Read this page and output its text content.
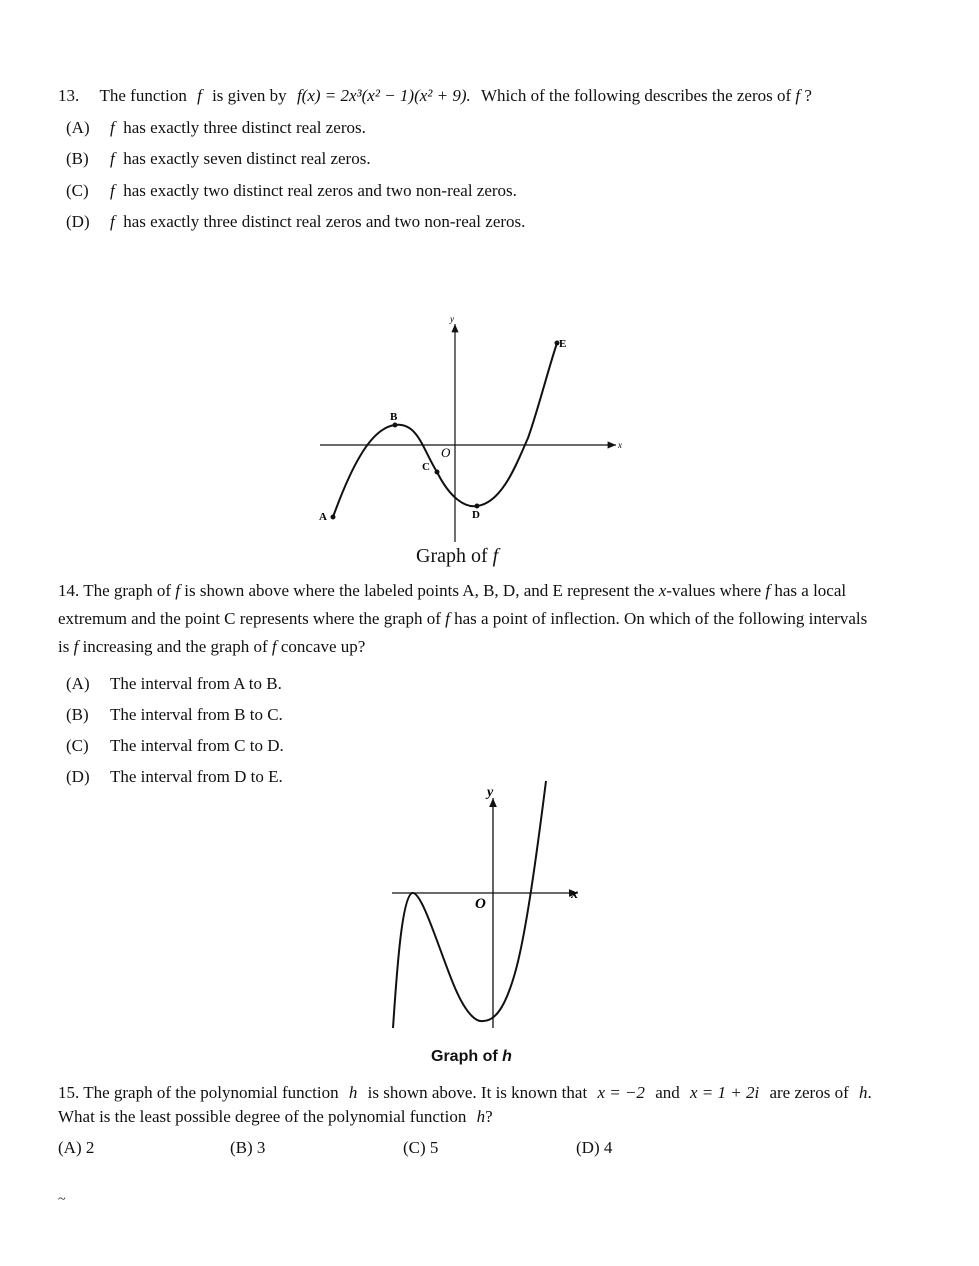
13. The function f is given by f(x) = 2x³(x² − 1)(x² + 9). Which of the following describes the zeros of f ?
(A) f has exactly three distinct real zeros.
(B) f has exactly seven distinct real zeros.
(C) f has exactly two distinct real zeros and two non-real zeros.
(D) f has exactly three distinct real zeros and two non-real zeros.
y
x
O
A
B
C
D
E
Graph of f
14. The graph of f is shown above where the labeled points A, B, D, and E represent the x-values where f has a local
extremum and the point C represents where the graph of f has a point of inflection. On which of the following intervals
is f increasing and the graph of f concave up?
(A) The interval from A to B.
(B) The interval from B to C.
(C) The interval from C to D.
(D) The interval from D to E.
y
x
O
Graph of h
15. The graph of the polynomial function h is shown above. It is known that x = −2 and x = 1 + 2i are zeros of h.
What is the least possible degree of the polynomial function h?
(A) 2	(B) 3	(C) 5	(D) 4
~
